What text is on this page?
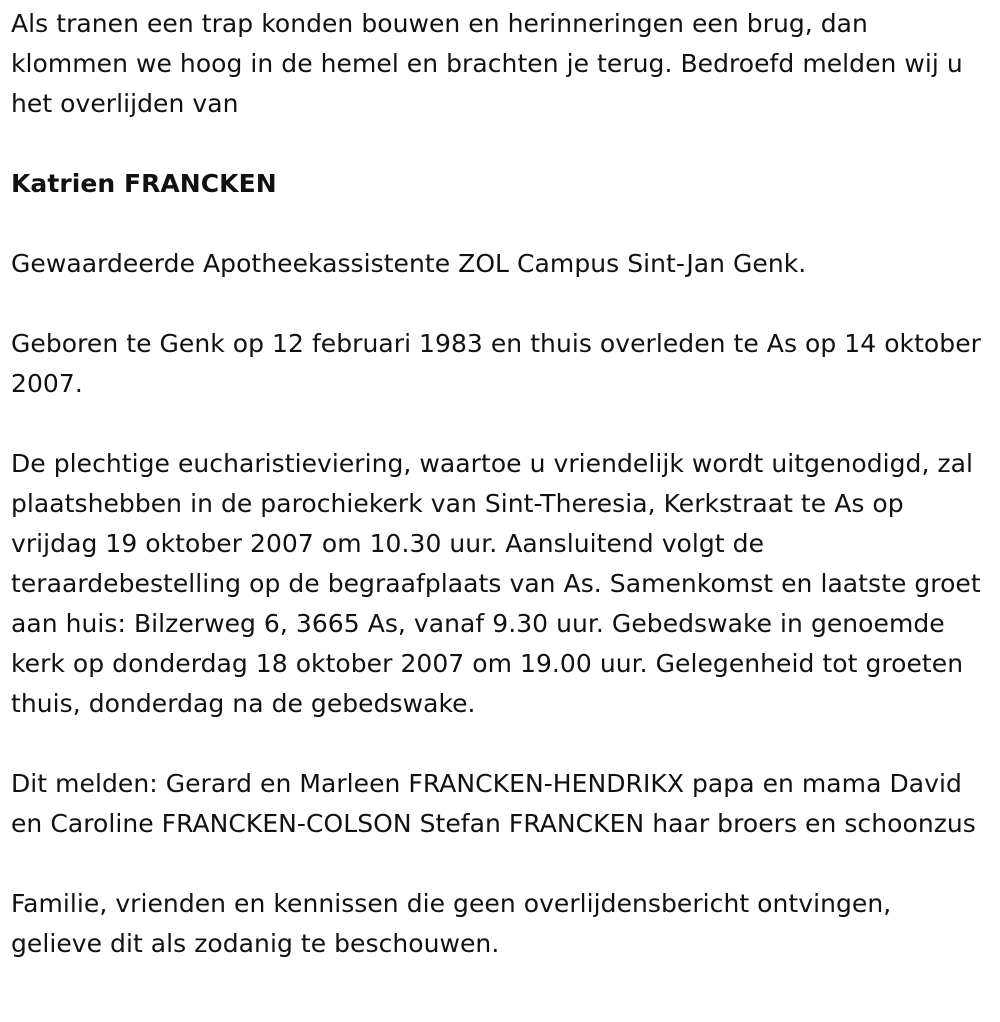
Als tranen een trap konden bouwen en herinneringen een brug, dan klommen we hoog in de hemel en brachten je terug. Bedroefd melden wij u het overlijden van

Katrien FRANCKEN

Gewaardeerde Apotheekassistente ZOL Campus Sint-Jan Genk.

Geboren te Genk op 12 februari 1983 en thuis overleden te As op 14 oktober 2007.

De plechtige eucharistieviering, waartoe u vriendelijk wordt uitgenodigd, zal plaatshebben in de parochiekerk van Sint-Theresia, Kerkstraat te As op vrijdag 19 oktober 2007 om 10.30 uur. Aansluitend volgt de teraardebestelling op de begraafplaats van As. Samenkomst en laatste groet aan huis: Bilzerweg 6, 3665 As, vanaf 9.30 uur. Gebedswake in genoemde kerk op donderdag 18 oktober 2007 om 19.00 uur. Gelegenheid tot groeten thuis, donderdag na de gebedswake.

Dit melden: Gerard en Marleen FRANCKEN-HENDRIKX papa en mama David en Caroline FRANCKEN-COLSON Stefan FRANCKEN haar broers en schoonzus

Familie, vrienden en kennissen die geen overlijdensbericht ontvingen, gelieve dit als zodanig te beschouwen.
